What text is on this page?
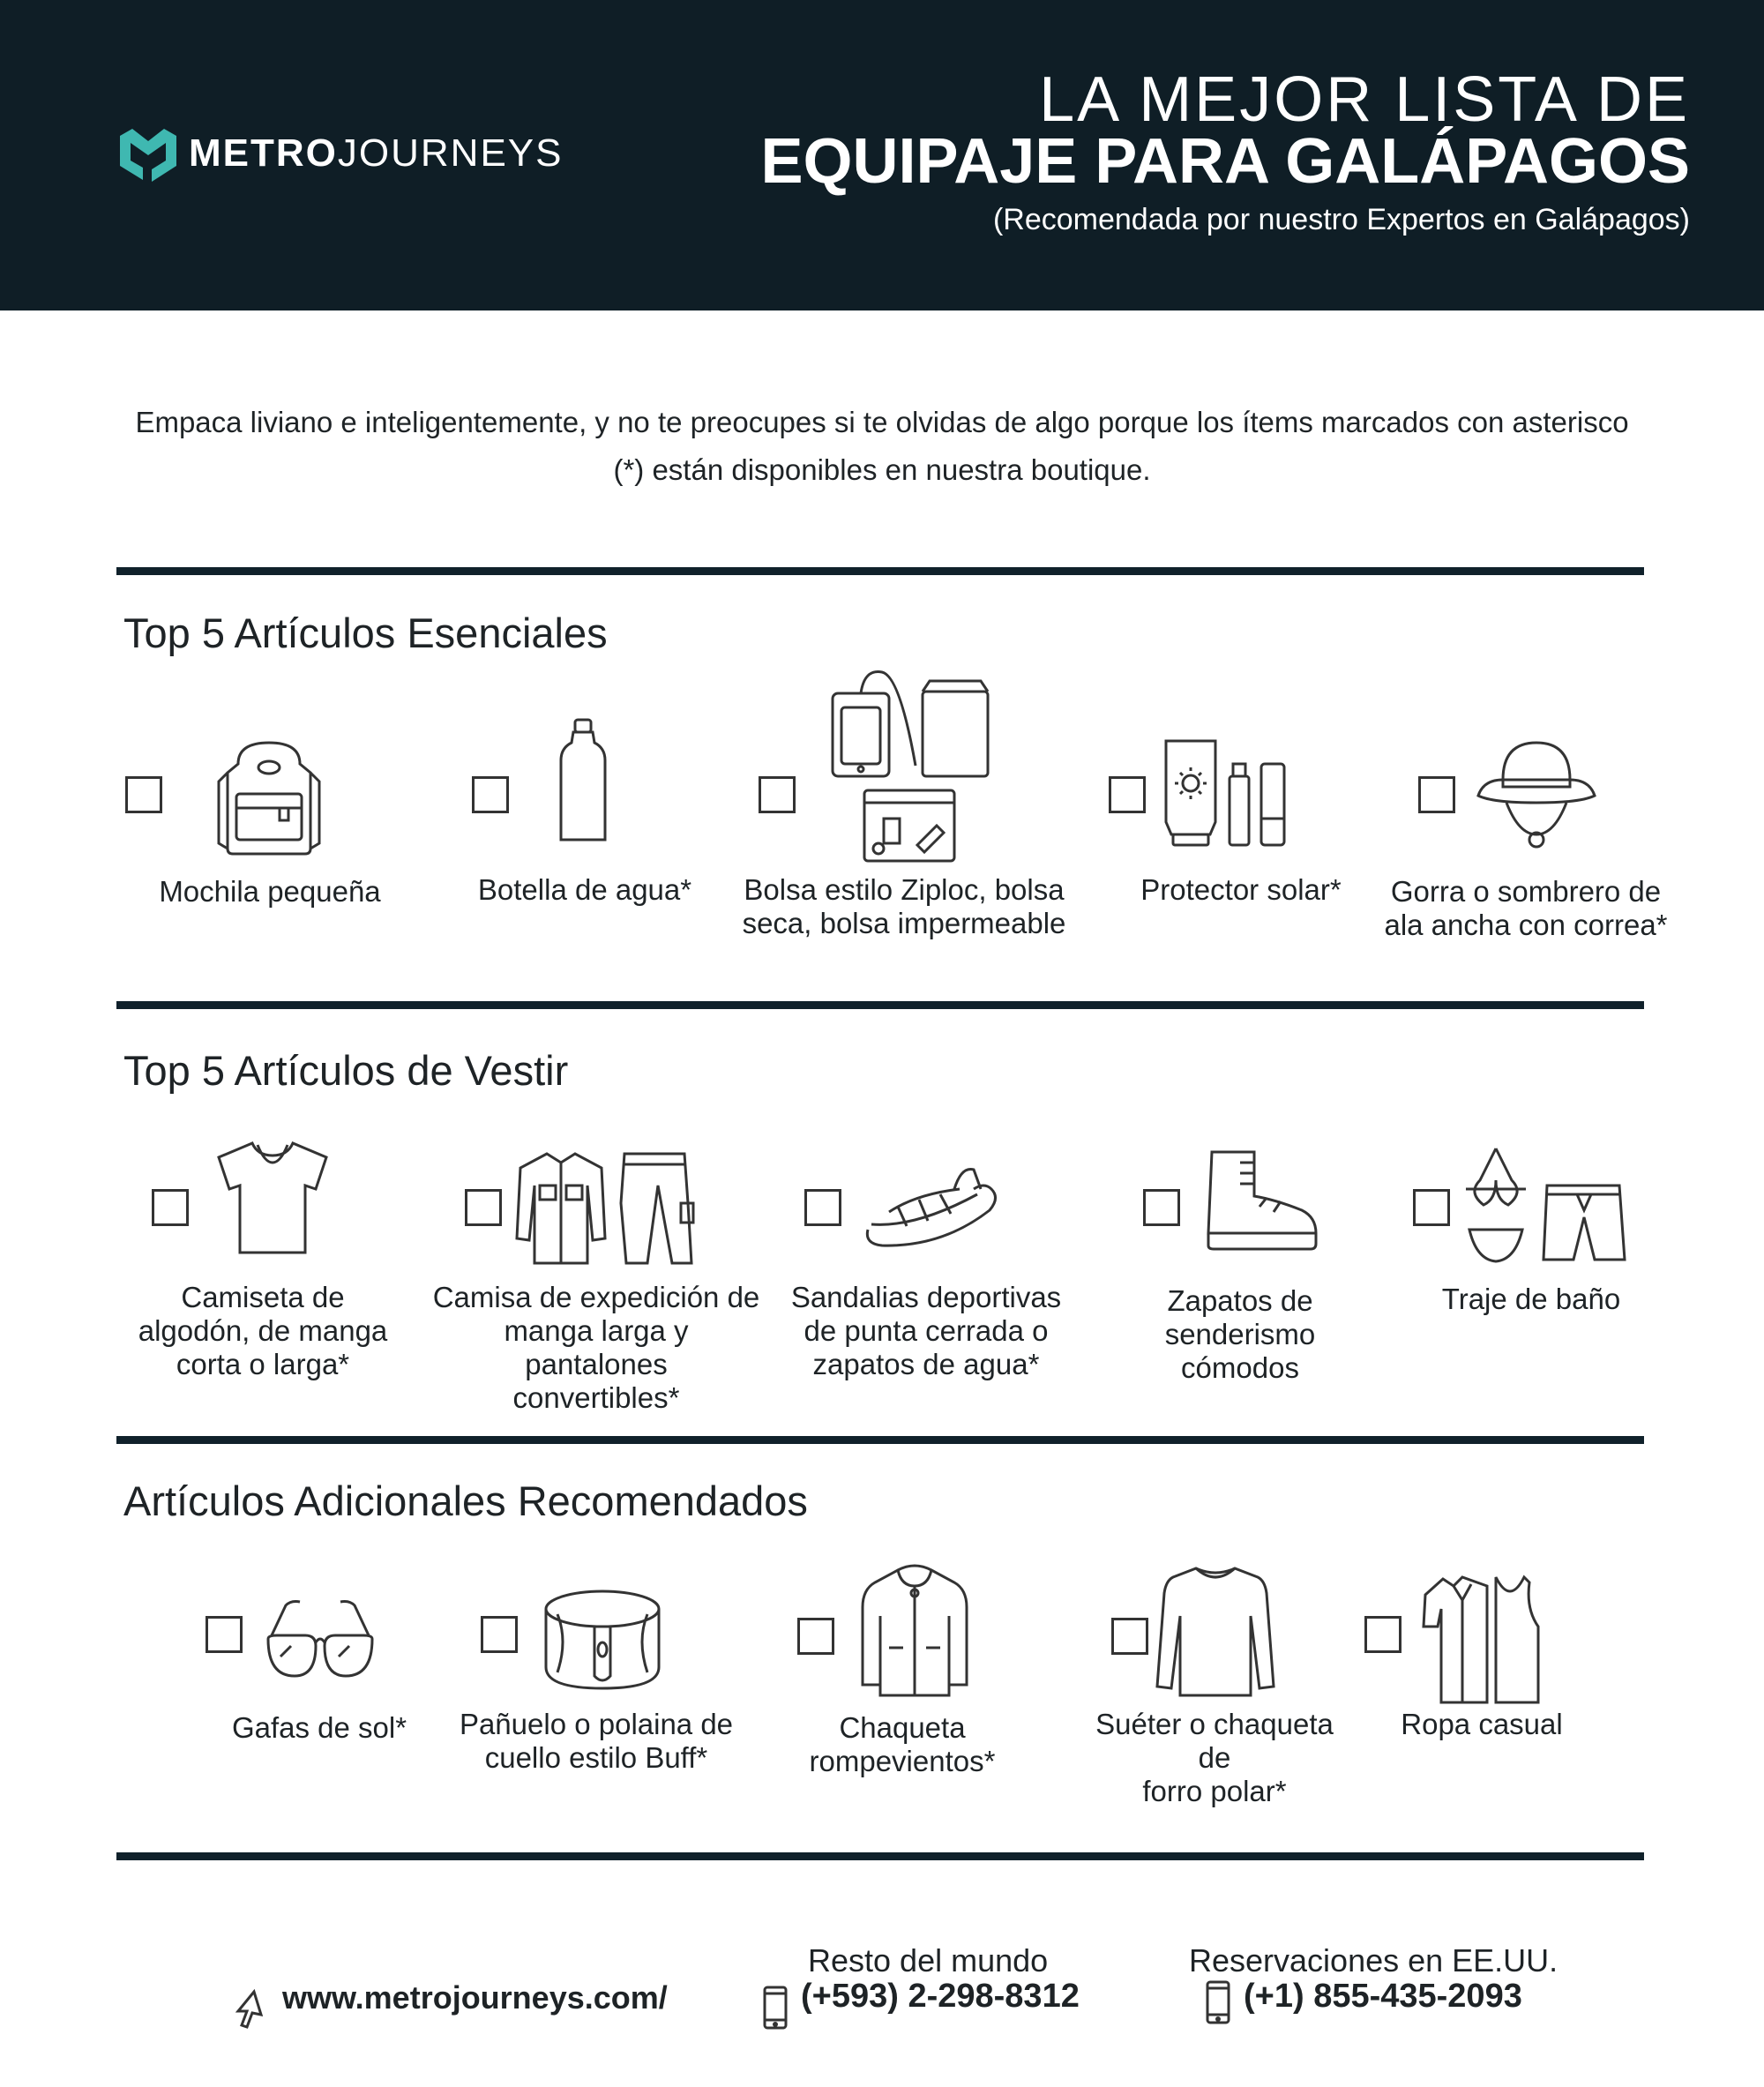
METROJOURNEYS
LA MEJOR LISTA DE
EQUIPAJE PARA GALÁPAGOS
(Recomendada por nuestro Expertos en Galápagos)
Empaca liviano e inteligentemente, y no te preocupes si te olvidas de algo porque los ítems marcados con asterisco
(*) están disponibles en nuestra boutique.
Top 5 Artículos Esenciales
Mochila pequeña	Botella de agua*	Bolsa estilo Ziploc, bolsa
seca, bolsa impermeable
Protector solar*	Gorra o sombrero de
ala ancha con correa*
Top 5 Artículos de Vestir
Camiseta de
algodón, de manga
corta o larga*
Camisa de expedición de
manga larga y pantalones
convertibles*
Sandalias deportivas
de punta cerrada o
zapatos de agua*
Zapatos de senderismo
cómodos
Traje de baño
Artículos Adicionales Recomendados
Gafas de sol*	Pañuelo o polaina de
cuello estilo Buff*
Chaqueta
rompevientos*
Suéter o chaqueta de
forro polar*
Ropa casual
www.metrojourneys.com/
Resto del mundo
(+593) 2-298-8312
Reservaciones en EE.UU.
(+1) 855-435-2093
